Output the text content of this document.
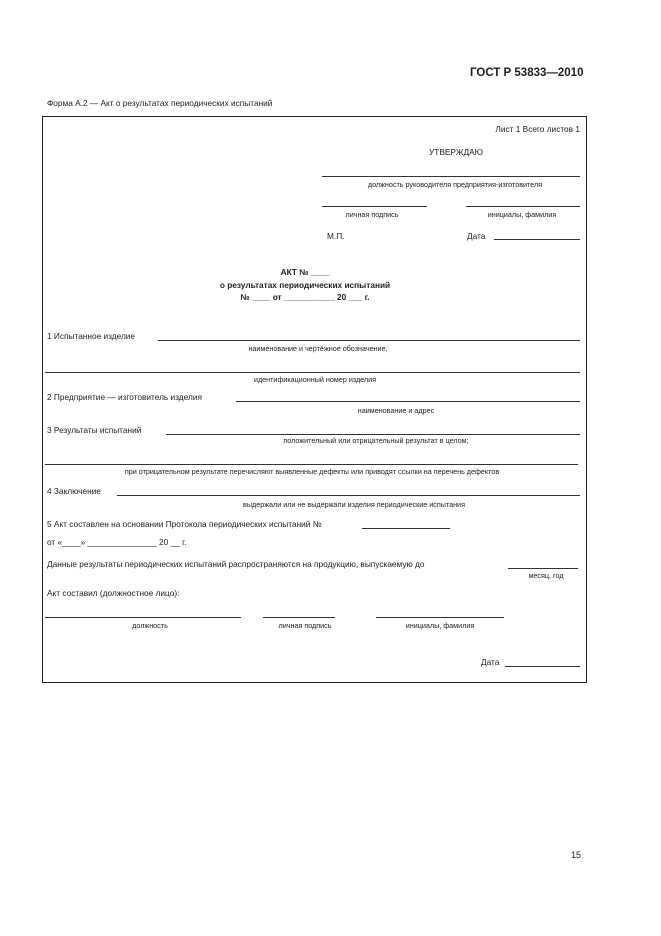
ГОСТ Р 53833—2010
Форма А.2 — Акт о результатах периодических испытаний
Лист 1 Всего листов 1
УТВЕРЖДАЮ
должность руководителя предприятия-изготовителя
личная подпись	инициалы, фамилия
М.П.	Дата
АКТ № ____
о результатах периодических испытаний
№ ____ от ___________ 20 ___ г.
1 Испытанное изделие
наименование и чертёжное обозначение,
идентификационный номер изделия
2 Предприятие — изготовитель изделия
наименование и адрес
3 Результаты испытаний
положительный или отрицательный результат в целом;
при отрицательном результате перечисляют выявленные дефекты или приводят ссылки на перечень дефектов
4 Заключение
выдержали или не выдержали изделия периодические испытания
5 Акт составлен на основании Протокола периодических испытаний №
от «____» _______________ 20 __ г.
Данные результаты периодических испытаний распространяются на продукцию, выпускаемую до
месяц, год
Акт составил (должностное лицо):
должность	личная подпись	инициалы, фамилия
Дата
15
